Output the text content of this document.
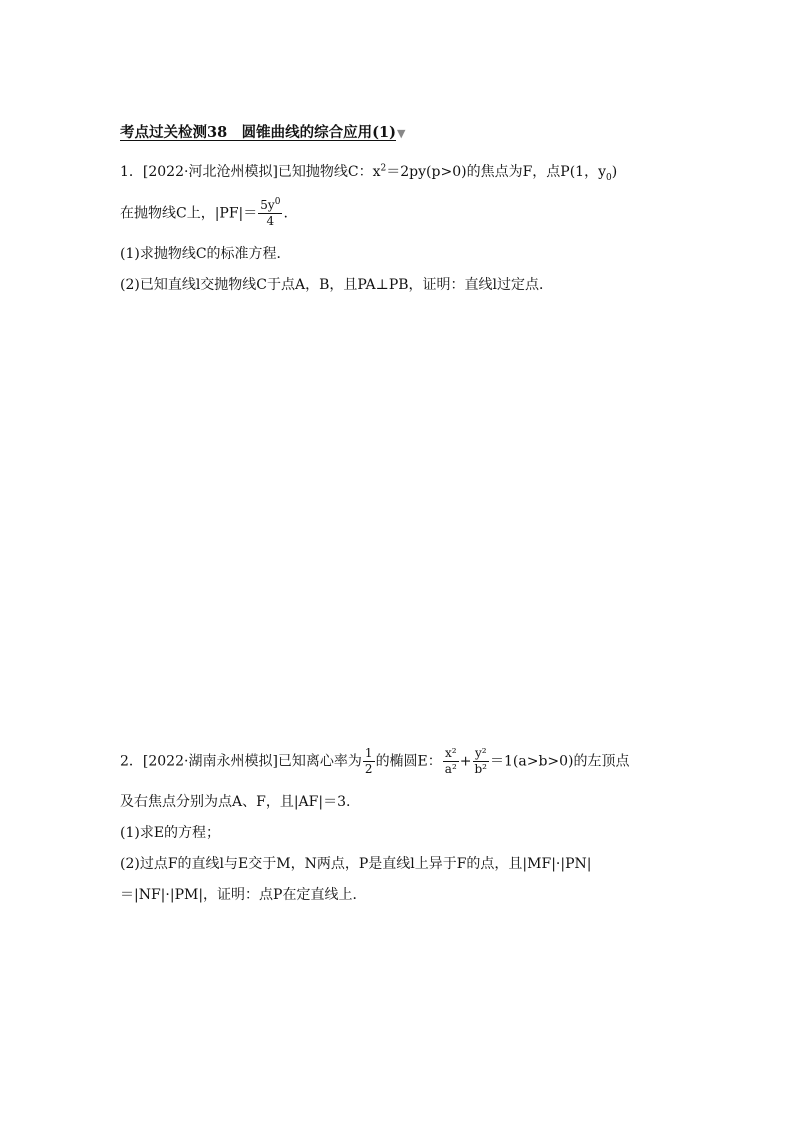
考点过关检测38　圆锥曲线的综合应用(1)▼
1．[2022·河北沧州模拟]已知抛物线C：$x^2=2py(p>0)$的焦点为F，点P(1，$y_0$)
在抛物线C上，$|PF|= \frac{5y^0}{4}$ .
(1)求抛物线C的标准方程．
(2)已知直线l交抛物线C于点A，B，且PA⊥PB，证明：直线l过定点．
2．[2022·湖南永州模拟]已知离心率为 $\frac{1}{2}$ 的椭圆E： $\frac{\text{x²}}{\text{a²}} + \frac{\text{y²}}{\text{b²}} =1(a>b>0)$的左顶点
及右焦点分别为点A、F，且|AF|＝3.
(1)求E的方程；
(2)过点F的直线l与E交于M，N两点，P是直线l上异于F的点，且|MF|·|PN|
＝|NF|·|PM|，证明：点P在定直线上．
